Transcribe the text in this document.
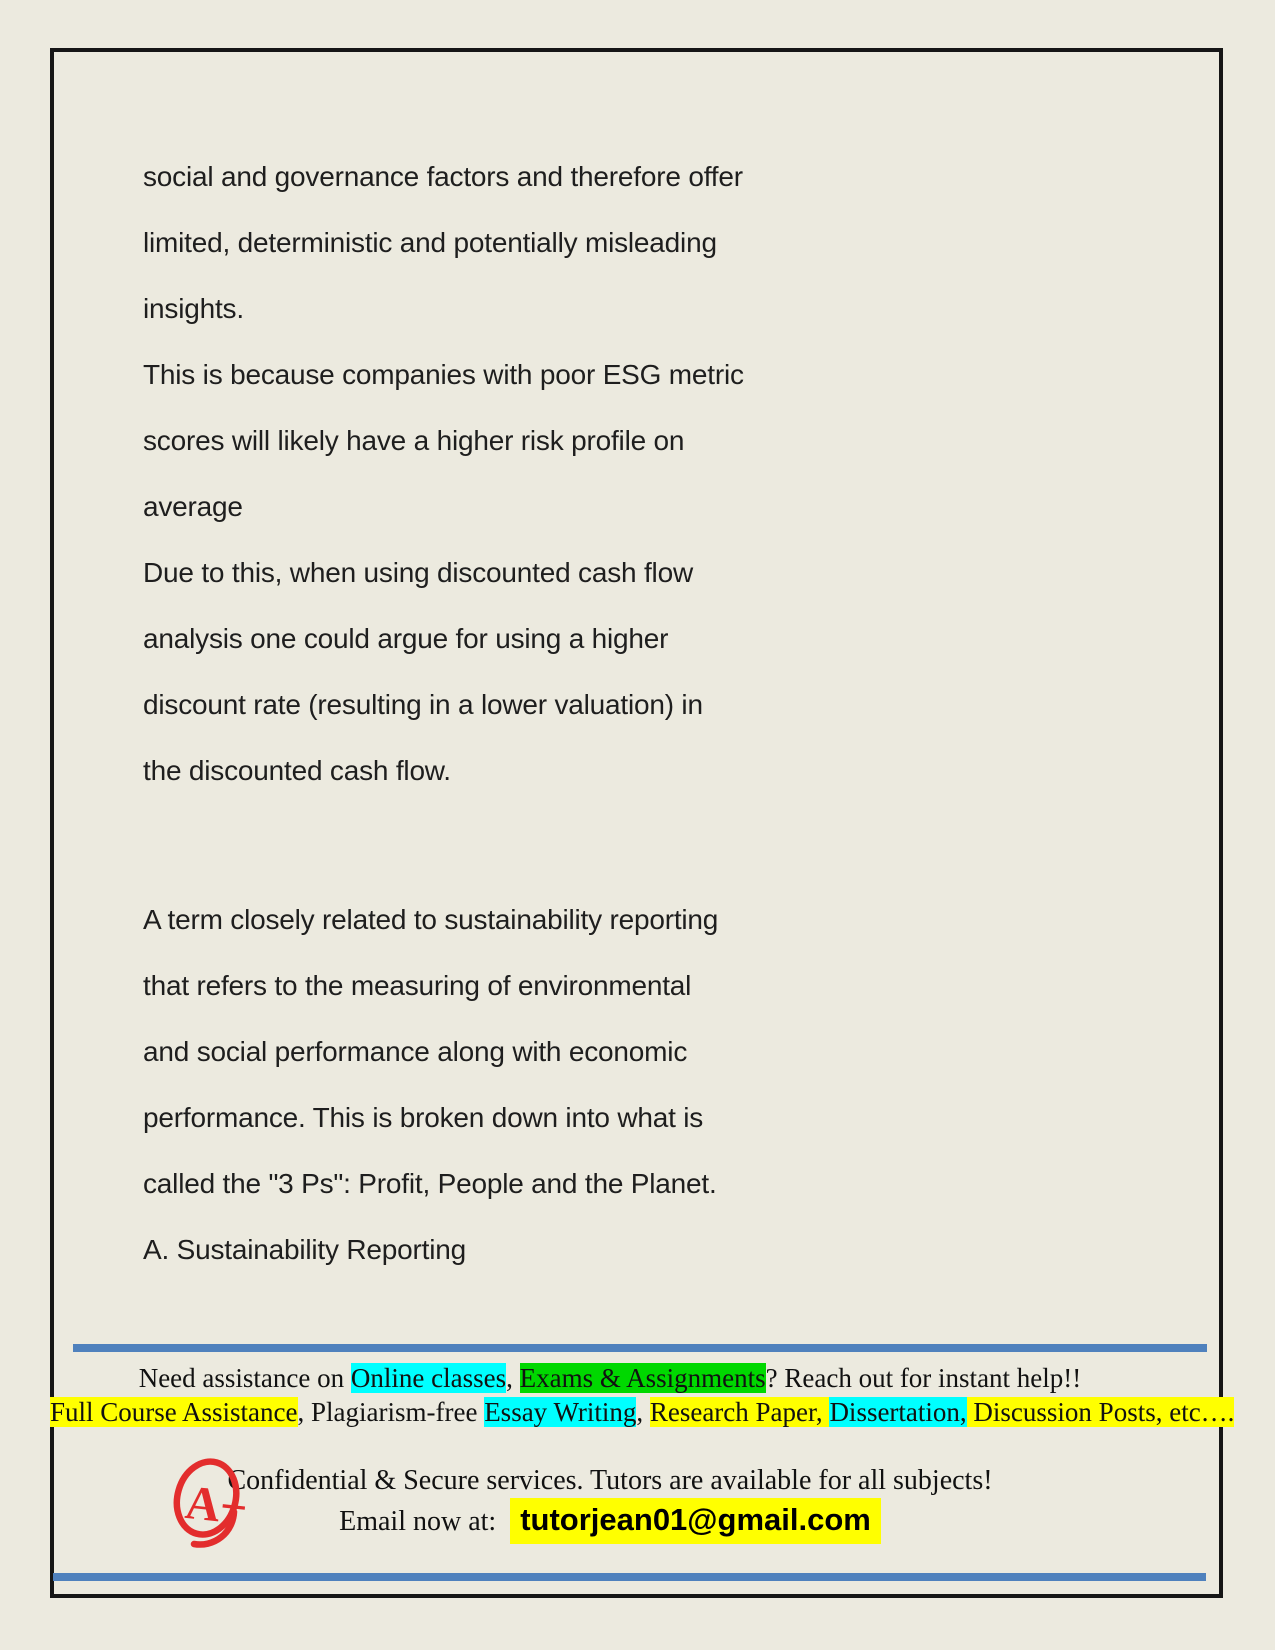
social and governance factors and therefore offer
limited, deterministic and potentially misleading
insights.
This is because companies with poor ESG metric
scores will likely have a higher risk profile on
average
Due to this, when using discounted cash flow
analysis one could argue for using a higher
discount rate (resulting in a lower valuation) in
the discounted cash flow.
A term closely related to sustainability reporting
that refers to the measuring of environmental
and social performance along with economic
performance. This is broken down into what is
called the "3 Ps": Profit, People and the Planet.
A. Sustainability Reporting
Need assistance on Online classes, Exams & Assignments? Reach out for instant help!!
Full Course Assistance, Plagiarism-free Essay Writing, Research Paper, Dissertation, Discussion Posts, etc….
Confidential & Secure services. Tutors are available for all subjects!
Email now at: tutorjean01@gmail.com
A+
